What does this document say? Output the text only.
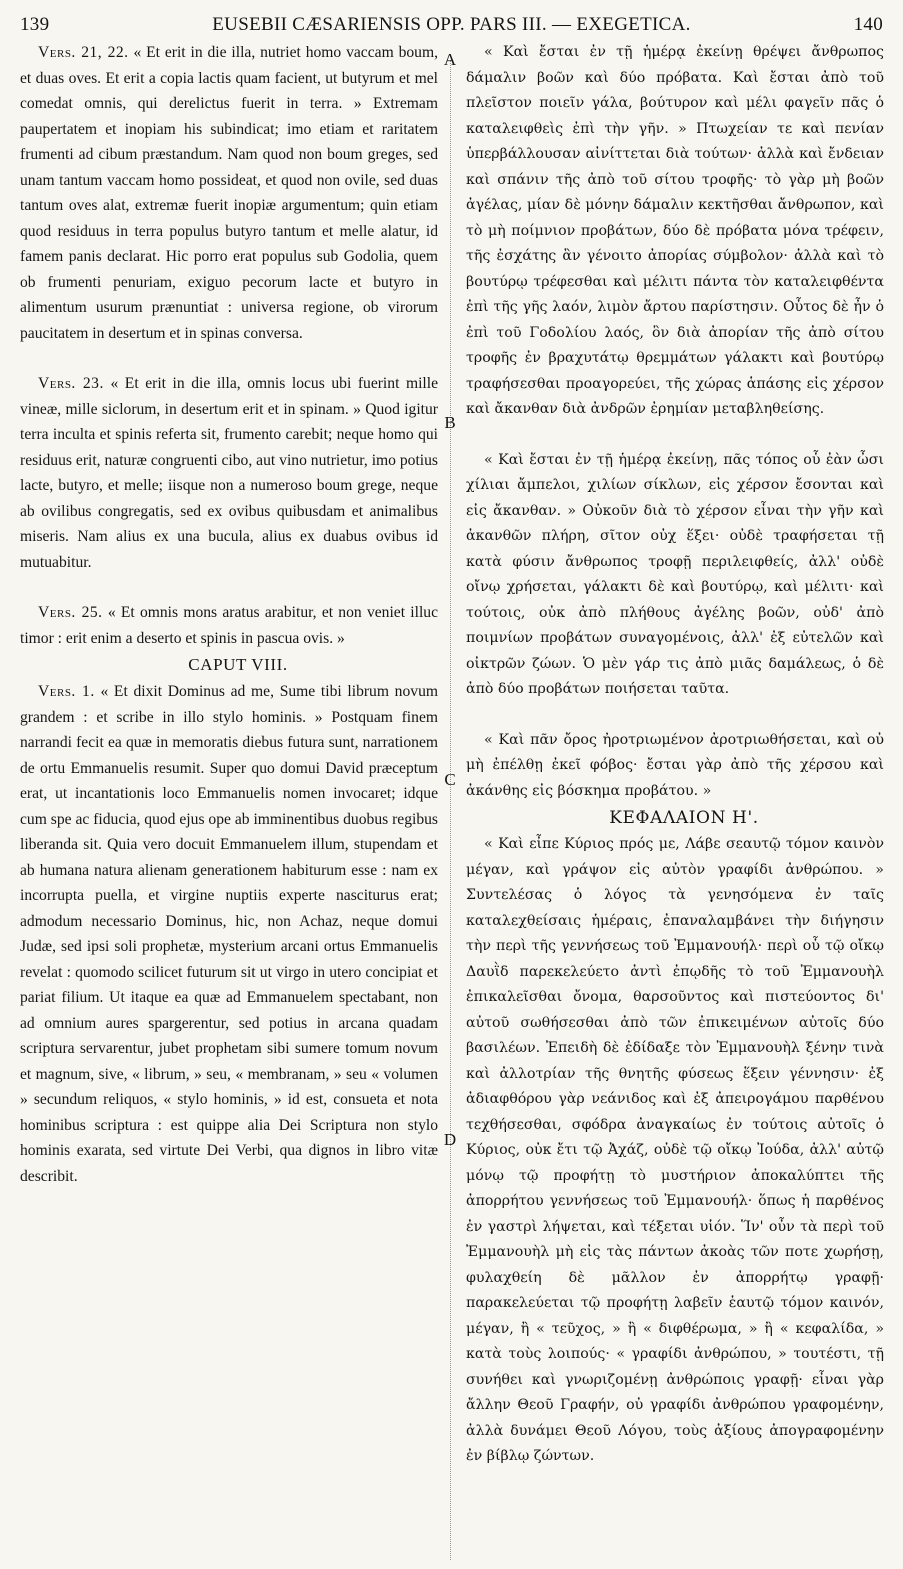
139	EUSEBII CÆSARIENSIS OPP. PARS III. — EXEGETICA.	140
A
B
C
D

Vers. 21, 22. « Et erit in die illa, nutriet homo vaccam boum, et duas oves. Et erit a copia lactis quam facient, ut butyrum et mel comedat omnis, qui derelictus fuerit in terra. » Extremam paupertatem et inopiam his subindicat; imo etiam et raritatem frumenti ad cibum præstandum. Nam quod non boum greges, sed unam tantum vaccam homo possideat, et quod non ovile, sed duas tantum oves alat, extremæ fuerit inopiæ argumentum; quin etiam quod residuus in terra populus butyro tantum et melle alatur, id famem panis declarat. Hic porro erat populus sub Godolia, quem ob frumenti penuriam, exiguo pecorum lacte et butyro in alimentum usurum prænuntiat : universa regione, ob virorum paucitatem in desertum et in spinas conversa.

Vers. 23. « Et erit in die illa, omnis locus ubi fuerint mille vineæ, mille siclorum, in desertum erit et in spinam. » Quod igitur terra inculta et spinis referta sit, frumento carebit; neque homo qui residuus erit, naturæ congruenti cibo, aut vino nutrietur, imo potius lacte, butyro, et melle; iisque non a numeroso boum grege, neque ab ovilibus congregatis, sed ex ovibus quibusdam et animalibus miseris. Nam alius ex una bucula, alius ex duabus ovibus id mutuabitur.

Vers. 25. « Et omnis mons aratus arabitur, et non veniet illuc timor : erit enim a deserto et spinis in pascua ovis. »

CAPUT VIII.

Vers. 1. « Et dixit Dominus ad me, Sume tibi librum novum grandem : et scribe in illo stylo hominis. » Postquam finem narrandi fecit ea quæ in memoratis diebus futura sunt, narrationem de ortu Emmanuelis resumit. Super quo domui David præceptum erat, ut incantationis loco Emmanuelis nomen invocaret; idque cum spe ac fiducia, quod ejus ope ab imminentibus duobus regibus liberanda sit. Quia vero docuit Emmanuelem illum, stupendam et ab humana natura alienam generationem habiturum esse : nam ex incorrupta puella, et virgine nuptiis experte nasciturus erat; admodum necessario Dominus, hic, non Achaz, neque domui Judæ, sed ipsi soli prophetæ, mysterium arcani ortus Emmanuelis revelat : quomodo scilicet futurum sit ut virgo in utero concipiat et pariat filium. Ut itaque ea quæ ad Emmanuelem spectabant, non ad omnium aures spargerentur, sed potius in arcana quadam scriptura servarentur, jubet prophetam sibi sumere tomum novum et magnum, sive, « librum, » seu, « membranam, » seu « volumen » secundum reliquos, « stylo hominis, » id est, consueta et nota hominibus scriptura : est quippe alia Dei Scriptura non stylo hominis exarata, sed virtute Dei Verbi, qua dignos in libro vitæ describit.

« Καὶ ἔσται ἐν τῇ ἡμέρᾳ ἐκείνῃ θρέψει ἄνθρωπος δάμαλιν βοῶν καὶ δύο πρόβατα. Καὶ ἔσται ἀπὸ τοῦ πλεῖστον ποιεῖν γάλα, βούτυρον καὶ μέλι φαγεῖν πᾶς ὁ καταλειφθεὶς ἐπὶ τὴν γῆν. » Πτωχείαν τε καὶ πενίαν ὑπερβάλλουσαν αἰνίττεται διὰ τούτων· ἀλλὰ καὶ ἔνδειαν καὶ σπάνιν τῆς ἀπὸ τοῦ σίτου τροφῆς· τὸ γὰρ μὴ βοῶν ἀγέλας, μίαν δὲ μόνην δάμαλιν κεκτῆσθαι ἄνθρωπον, καὶ τὸ μὴ ποίμνιον προβάτων, δύο δὲ πρόβατα μόνα τρέφειν, τῆς ἐσχάτης ἂν γένοιτο ἀπορίας σύμβολον· ἀλλὰ καὶ τὸ βουτύρῳ τρέφεσθαι καὶ μέλιτι πάντα τὸν καταλειφθέντα ἐπὶ τῆς γῆς λαόν, λιμὸν ἄρτου παρίστησιν. Οὗτος δὲ ἦν ὁ ἐπὶ τοῦ Γοδολίου λαός, ὃν διὰ ἀπορίαν τῆς ἀπὸ σίτου τροφῆς ἐν βραχυτάτῳ θρεμμάτων γάλακτι καὶ βουτύρῳ τραφήσεσθαι προαγορεύει, τῆς χώρας ἁπάσης εἰς χέρσον καὶ ἄκανθαν διὰ ἀνδρῶν ἐρημίαν μεταβληθείσης.

« Καὶ ἔσται ἐν τῇ ἡμέρᾳ ἐκείνῃ, πᾶς τόπος οὗ ἐὰν ὦσι χίλιαι ἄμπελοι, χιλίων σίκλων, εἰς χέρσον ἔσονται καὶ εἰς ἄκανθαν. » Οὐκοῦν διὰ τὸ χέρσον εἶναι τὴν γῆν καὶ ἀκανθῶν πλήρη, σῖτον οὐχ ἕξει· οὐδὲ τραφήσεται τῇ κατὰ φύσιν ἄνθρωπος τροφῇ περιλειφθείς, ἀλλ' οὐδὲ οἴνῳ χρήσεται, γάλακτι δὲ καὶ βουτύρῳ, καὶ μέλιτι· καὶ τούτοις, οὐκ ἀπὸ πλήθους ἀγέλης βοῶν, οὐδ' ἀπὸ ποιμνίων προβάτων συναγομένοις, ἀλλ' ἐξ εὐτελῶν καὶ οἰκτρῶν ζώων. Ὁ μὲν γάρ τις ἀπὸ μιᾶς δαμάλεως, ὁ δὲ ἀπὸ δύο προβάτων ποιήσεται ταῦτα.

« Καὶ πᾶν ὄρος ἠροτριωμένον ἀροτριωθήσεται, καὶ οὐ μὴ ἐπέλθῃ ἐκεῖ φόβος· ἔσται γὰρ ἀπὸ τῆς χέρσου καὶ ἀκάνθης εἰς βόσκημα προβάτου. »

ΚΕΦΑΛΑΙΟΝ Η'.

« Καὶ εἶπε Κύριος πρός με, Λάβε σεαυτῷ τόμον καινὸν μέγαν, καὶ γράψον εἰς αὐτὸν γραφίδι ἀνθρώπου. » Συντελέσας ὁ λόγος τὰ γενησόμενα ἐν ταῖς καταλεχθείσαις ἡμέραις, ἐπαναλαμβάνει τὴν διήγησιν τὴν περὶ τῆς γεννήσεως τοῦ Ἐμμανουήλ· περὶ οὗ τῷ οἴκῳ Δαυῒδ παρεκελεύετο ἀντὶ ἐπῳδῆς τὸ τοῦ Ἐμμανουὴλ ἐπικαλεῖσθαι ὄνομα, θαρσοῦντος καὶ πιστεύοντος δι' αὐτοῦ σωθήσεσθαι ἀπὸ τῶν ἐπικειμένων αὐτοῖς δύο βασιλέων. Ἐπειδὴ δὲ ἐδίδαξε τὸν Ἐμμανουὴλ ξένην τινὰ καὶ ἀλλοτρίαν τῆς θνητῆς φύσεως ἕξειν γέννησιν· ἐξ ἀδιαφθόρου γὰρ νεάνιδος καὶ ἐξ ἀπειρογάμου παρθένου τεχθήσεσθαι, σφόδρα ἀναγκαίως ἐν τούτοις αὐτοῖς ὁ Κύριος, οὐκ ἔτι τῷ Ἀχάζ, οὐδὲ τῷ οἴκῳ Ἰούδα, ἀλλ' αὐτῷ μόνῳ τῷ προφήτῃ τὸ μυστήριον ἀποκαλύπτει τῆς ἀπορρήτου γεννήσεως τοῦ Ἐμμανουήλ· ὅπως ἡ παρθένος ἐν γαστρὶ λήψεται, καὶ τέξεται υἱόν. Ἵν' οὖν τὰ περὶ τοῦ Ἐμμανουὴλ μὴ εἰς τὰς πάντων ἀκοὰς τῶν ποτε χωρήσῃ, φυλαχθείη δὲ μᾶλλον ἐν ἀπορρήτῳ γραφῇ· παρακελεύεται τῷ προφήτῃ λαβεῖν ἑαυτῷ τόμον καινόν, μέγαν, ἢ « τεῦχος, » ἢ « διφθέρωμα, » ἢ « κεφαλίδα, » κατὰ τοὺς λοιπούς· « γραφίδι ἀνθρώπου, » τουτέστι, τῇ συνήθει καὶ γνωριζομένῃ ἀνθρώποις γραφῇ· εἶναι γὰρ ἄλλην Θεοῦ Γραφήν, οὐ γραφίδι ἀνθρώπου γραφομένην, ἀλλὰ δυνάμει Θεοῦ Λόγου, τοὺς ἀξίους ἀπογραφομένην ἐν βίβλῳ ζώντων.
